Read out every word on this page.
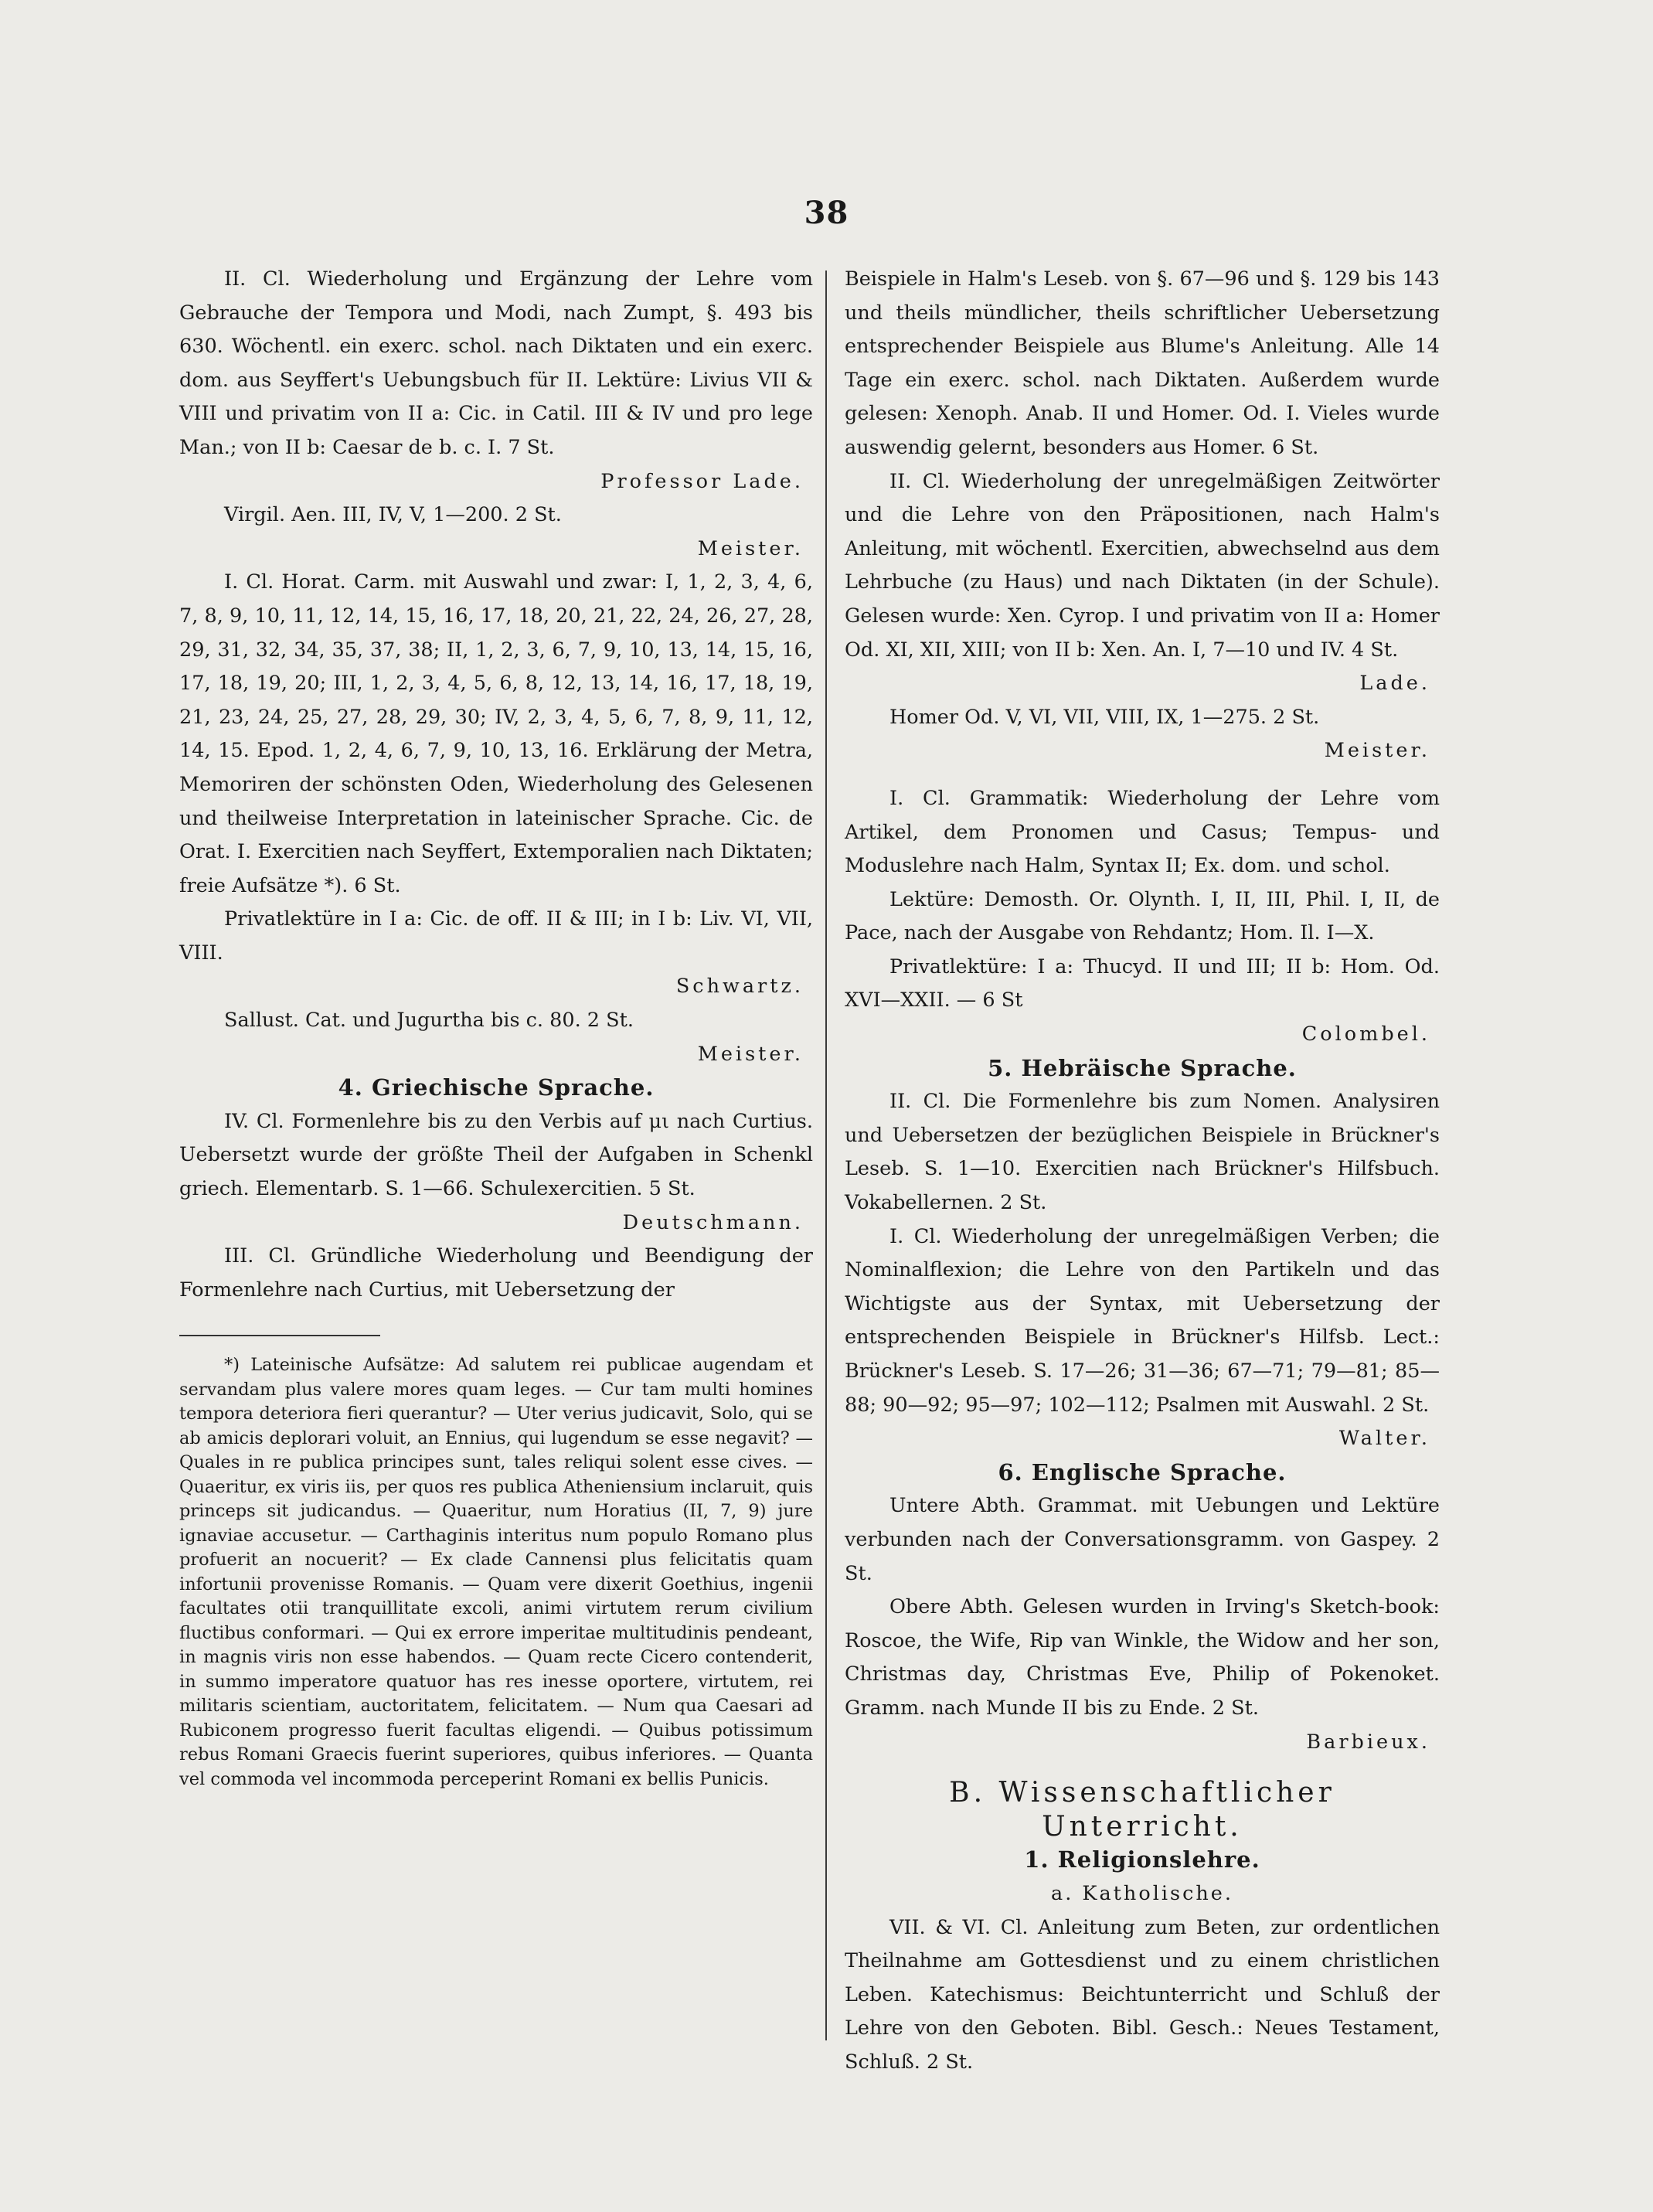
38

II. Cl. Wiederholung und Ergänzung der Lehre vom Gebrauche der Tempora und Modi, nach Zumpt, §. 493 bis 630. Wöchentl. ein exerc. schol. nach Diktaten und ein exerc. dom. aus Seyffert's Uebungsbuch für II. Lektüre: Livius VII & VIII und privatim von II a: Cic. in Catil. III & IV und pro lege Man.; von II b: Caesar de b. c. I. 7 St.

Professor Lade.

Virgil. Aen. III, IV, V, 1—200. 2 St.

Meister.

I. Cl. Horat. Carm. mit Auswahl und zwar: I, 1, 2, 3, 4, 6, 7, 8, 9, 10, 11, 12, 14, 15, 16, 17, 18, 20, 21, 22, 24, 26, 27, 28, 29, 31, 32, 34, 35, 37, 38; II, 1, 2, 3, 6, 7, 9, 10, 13, 14, 15, 16, 17, 18, 19, 20; III, 1, 2, 3, 4, 5, 6, 8, 12, 13, 14, 16, 17, 18, 19, 21, 23, 24, 25, 27, 28, 29, 30; IV, 2, 3, 4, 5, 6, 7, 8, 9, 11, 12, 14, 15. Epod. 1, 2, 4, 6, 7, 9, 10, 13, 16. Erklärung der Metra, Memoriren der schönsten Oden, Wiederholung des Gelesenen und theilweise Interpretation in lateinischer Sprache. Cic. de Orat. I. Exercitien nach Seyffert, Extemporalien nach Diktaten; freie Aufsätze *). 6 St.

Privatlektüre in I a: Cic. de off. II & III; in I b: Liv. VI, VII, VIII.

Schwartz.

Sallust. Cat. und Jugurtha bis c. 80. 2 St.

Meister.

4. Griechische Sprache.

IV. Cl. Formenlehre bis zu den Verbis auf μι nach Curtius. Uebersetzt wurde der größte Theil der Aufgaben in Schenkl griech. Elementarb. S. 1—66. Schulexercitien. 5 St.

Deutschmann.

III. Cl. Gründliche Wiederholung und Beendigung der Formenlehre nach Curtius, mit Uebersetzung der

*) Lateinische Aufsätze: Ad salutem rei publicae augendam et servandam plus valere mores quam leges. — Cur tam multi homines tempora deteriora fieri querantur? — Uter verius judicavit, Solo, qui se ab amicis deplorari voluit, an Ennius, qui lugendum se esse negavit? — Quales in re publica principes sunt, tales reliqui solent esse cives. — Quaeritur, ex viris iis, per quos res publica Atheniensium inclaruit, quis princeps sit judicandus. — Quaeritur, num Horatius (II, 7, 9) jure ignaviae accusetur. — Carthaginis interitus num populo Romano plus profuerit an nocuerit? — Ex clade Cannensi plus felicitatis quam infortunii provenisse Romanis. — Quam vere dixerit Goethius, ingenii facultates otii tranquillitate excoli, animi virtutem rerum civilium fluctibus conformari. — Qui ex errore imperitae multitudinis pendeant, in magnis viris non esse habendos. — Quam recte Cicero contenderit, in summo imperatore quatuor has res inesse oportere, virtutem, rei militaris scientiam, auctoritatem, felicitatem. — Num qua Caesari ad Rubiconem progresso fuerit facultas eligendi. — Quibus potissimum rebus Romani Graecis fuerint superiores, quibus inferiores. — Quanta vel commoda vel incommoda perceperint Romani ex bellis Punicis.

Beispiele in Halm's Leseb. von §. 67—96 und §. 129 bis 143 und theils mündlicher, theils schriftlicher Uebersetzung entsprechender Beispiele aus Blume's Anleitung. Alle 14 Tage ein exerc. schol. nach Diktaten. Außerdem wurde gelesen: Xenoph. Anab. II und Homer. Od. I. Vieles wurde auswendig gelernt, besonders aus Homer. 6 St.

II. Cl. Wiederholung der unregelmäßigen Zeitwörter und die Lehre von den Präpositionen, nach Halm's Anleitung, mit wöchentl. Exercitien, abwechselnd aus dem Lehrbuche (zu Haus) und nach Diktaten (in der Schule). Gelesen wurde: Xen. Cyrop. I und privatim von II a: Homer Od. XI, XII, XIII; von II b: Xen. An. I, 7—10 und IV. 4 St.

Lade.

Homer Od. V, VI, VII, VIII, IX, 1—275. 2 St.

Meister.

I. Cl. Grammatik: Wiederholung der Lehre vom Artikel, dem Pronomen und Casus; Tempus- und Moduslehre nach Halm, Syntax II; Ex. dom. und schol.

Lektüre: Demosth. Or. Olynth. I, II, III, Phil. I, II, de Pace, nach der Ausgabe von Rehdantz; Hom. Il. I—X.

Privatlektüre: I a: Thucyd. II und III; II b: Hom. Od. XVI—XXII. — 6 St

Colombel.

5. Hebräische Sprache.

II. Cl. Die Formenlehre bis zum Nomen. Analysiren und Uebersetzen der bezüglichen Beispiele in Brückner's Leseb. S. 1—10. Exercitien nach Brückner's Hilfsbuch. Vokabellernen. 2 St.

I. Cl. Wiederholung der unregelmäßigen Verben; die Nominalflexion; die Lehre von den Partikeln und das Wichtigste aus der Syntax, mit Uebersetzung der entsprechenden Beispiele in Brückner's Hilfsb. Lect.: Brückner's Leseb. S. 17—26; 31—36; 67—71; 79—81; 85—88; 90—92; 95—97; 102—112; Psalmen mit Auswahl. 2 St.

Walter.

6. Englische Sprache.

Untere Abth. Grammat. mit Uebungen und Lektüre verbunden nach der Conversationsgramm. von Gaspey. 2 St.

Obere Abth. Gelesen wurden in Irving's Sketch-book: Roscoe, the Wife, Rip van Winkle, the Widow and her son, Christmas day, Christmas Eve, Philip of Pokenoket. Gramm. nach Munde II bis zu Ende. 2 St.

Barbieux.

B. Wissenschaftlicher Unterricht.

1. Religionslehre.

a. Katholische.

VII. & VI. Cl. Anleitung zum Beten, zur ordentlichen Theilnahme am Gottesdienst und zu einem christlichen Leben. Katechismus: Beichtunterricht und Schluß der Lehre von den Geboten. Bibl. Gesch.: Neues Testament, Schluß. 2 St.
